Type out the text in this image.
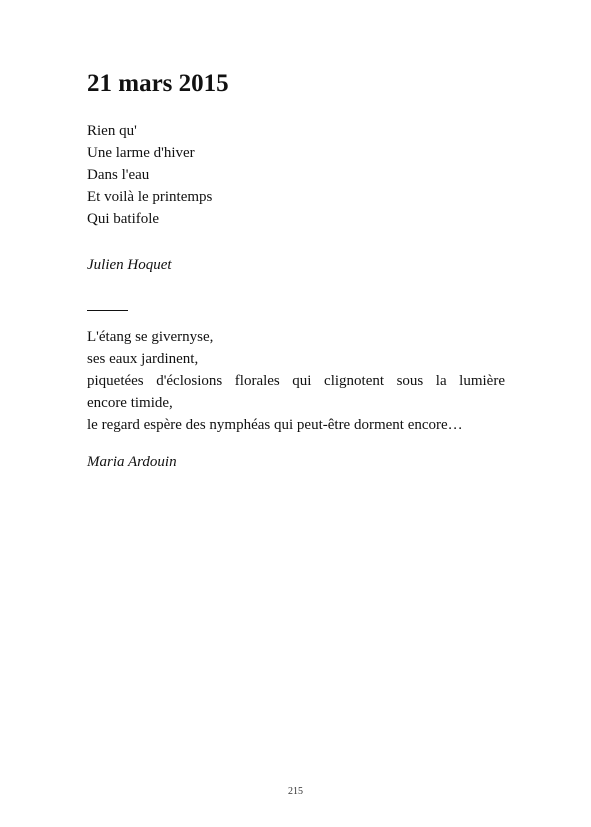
21 mars 2015
Rien qu'
Une larme d'hiver
Dans l'eau
Et voilà le printemps
Qui batifole
Julien Hoquet
L'étang se givernyse,
ses eaux jardinent,
piquetées d'éclosions florales qui clignotent sous la lumière
encore timide,
le regard espère des nymphéas qui peut-être dorment encore…
Maria Ardouin
215
